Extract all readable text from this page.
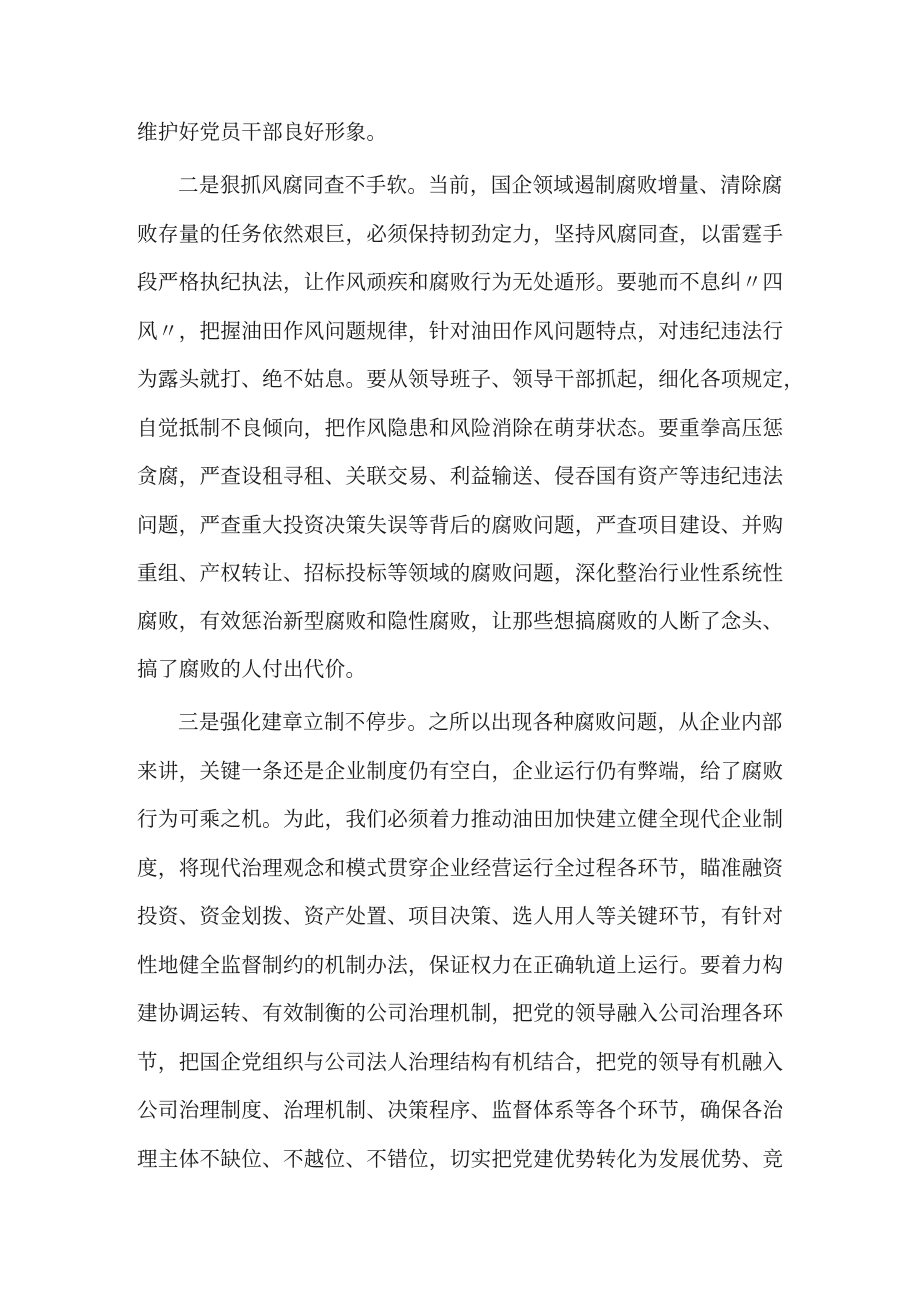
维护好党员干部良好形象。

二是狠抓风腐同查不手软。当前，国企领域遏制腐败增量、清除腐

败存量的任务依然艰巨，必须保持韧劲定力，坚持风腐同查，以雷霆手

段严格执纪执法，让作风顽疾和腐败行为无处遁形。要驰而不息纠〃四

风〃，把握油田作风问题规律，针对油田作风问题特点，对违纪违法行

为露头就打、绝不姑息。要从领导班子、领导干部抓起，细化各项规定，

自觉抵制不良倾向，把作风隐患和风险消除在萌芽状态。要重拳高压惩

贪腐，严查设租寻租、关联交易、利益输送、侵吞国有资产等违纪违法

问题，严查重大投资决策失误等背后的腐败问题，严查项目建设、并购

重组、产权转让、招标投标等领域的腐败问题，深化整治行业性系统性

腐败，有效惩治新型腐败和隐性腐败，让那些想搞腐败的人断了念头、

搞了腐败的人付出代价。

三是强化建章立制不停步。之所以出现各种腐败问题，从企业内部

来讲，关键一条还是企业制度仍有空白，企业运行仍有弊端，给了腐败

行为可乘之机。为此，我们必须着力推动油田加快建立健全现代企业制

度，将现代治理观念和模式贯穿企业经营运行全过程各环节，瞄准融资

投资、资金划拨、资产处置、项目决策、选人用人等关键环节，有针对

性地健全监督制约的机制办法，保证权力在正确轨道上运行。要着力构

建协调运转、有效制衡的公司治理机制，把党的领导融入公司治理各环

节，把国企党组织与公司法人治理结构有机结合，把党的领导有机融入

公司治理制度、治理机制、决策程序、监督体系等各个环节，确保各治

理主体不缺位、不越位、不错位，切实把党建优势转化为发展优势、竞
